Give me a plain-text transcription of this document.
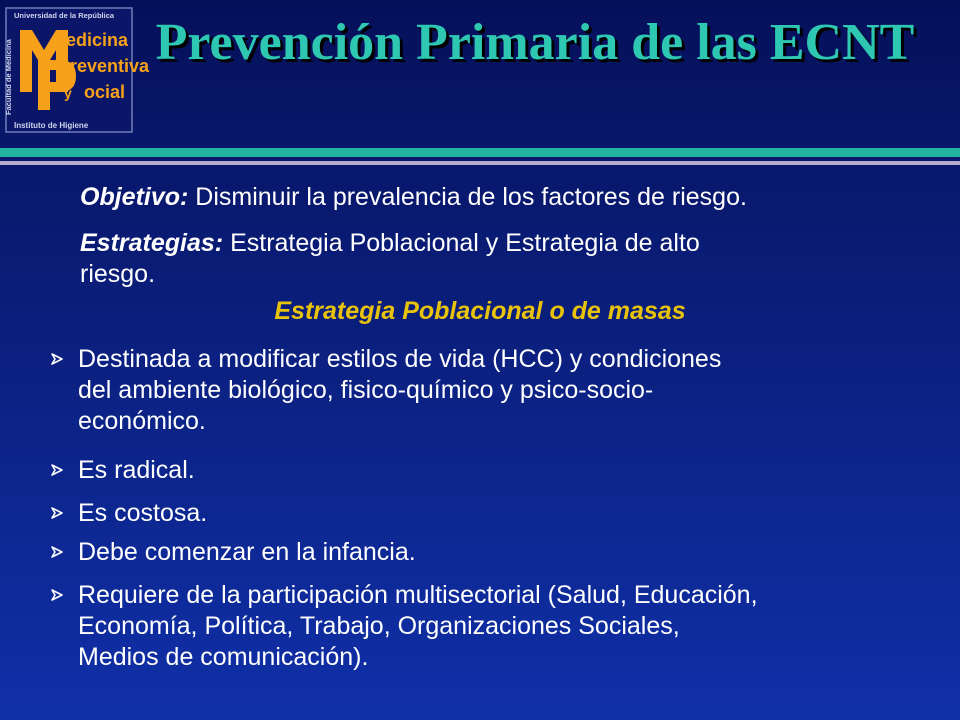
Universidad de la República
Instituto de Higiene
Facultad de Medicina	edicina
reventiva
y ocial
Prevención Primaria de las ECNT
Objetivo: Disminuir la prevalencia de los factores de riesgo.
Estrategias: Estrategia Poblacional y Estrategia de alto
riesgo.
Estrategia Poblacional o de masas
Destinada a modificar estilos de vida (HCC) y condiciones
del ambiente biológico, fisico-químico y psico-socio-
económico.
Es radical.
Es costosa.
Debe comenzar en la infancia.
Requiere de la participación multisectorial (Salud, Educación,
Economía, Política, Trabajo, Organizaciones Sociales,
Medios de comunicación).
